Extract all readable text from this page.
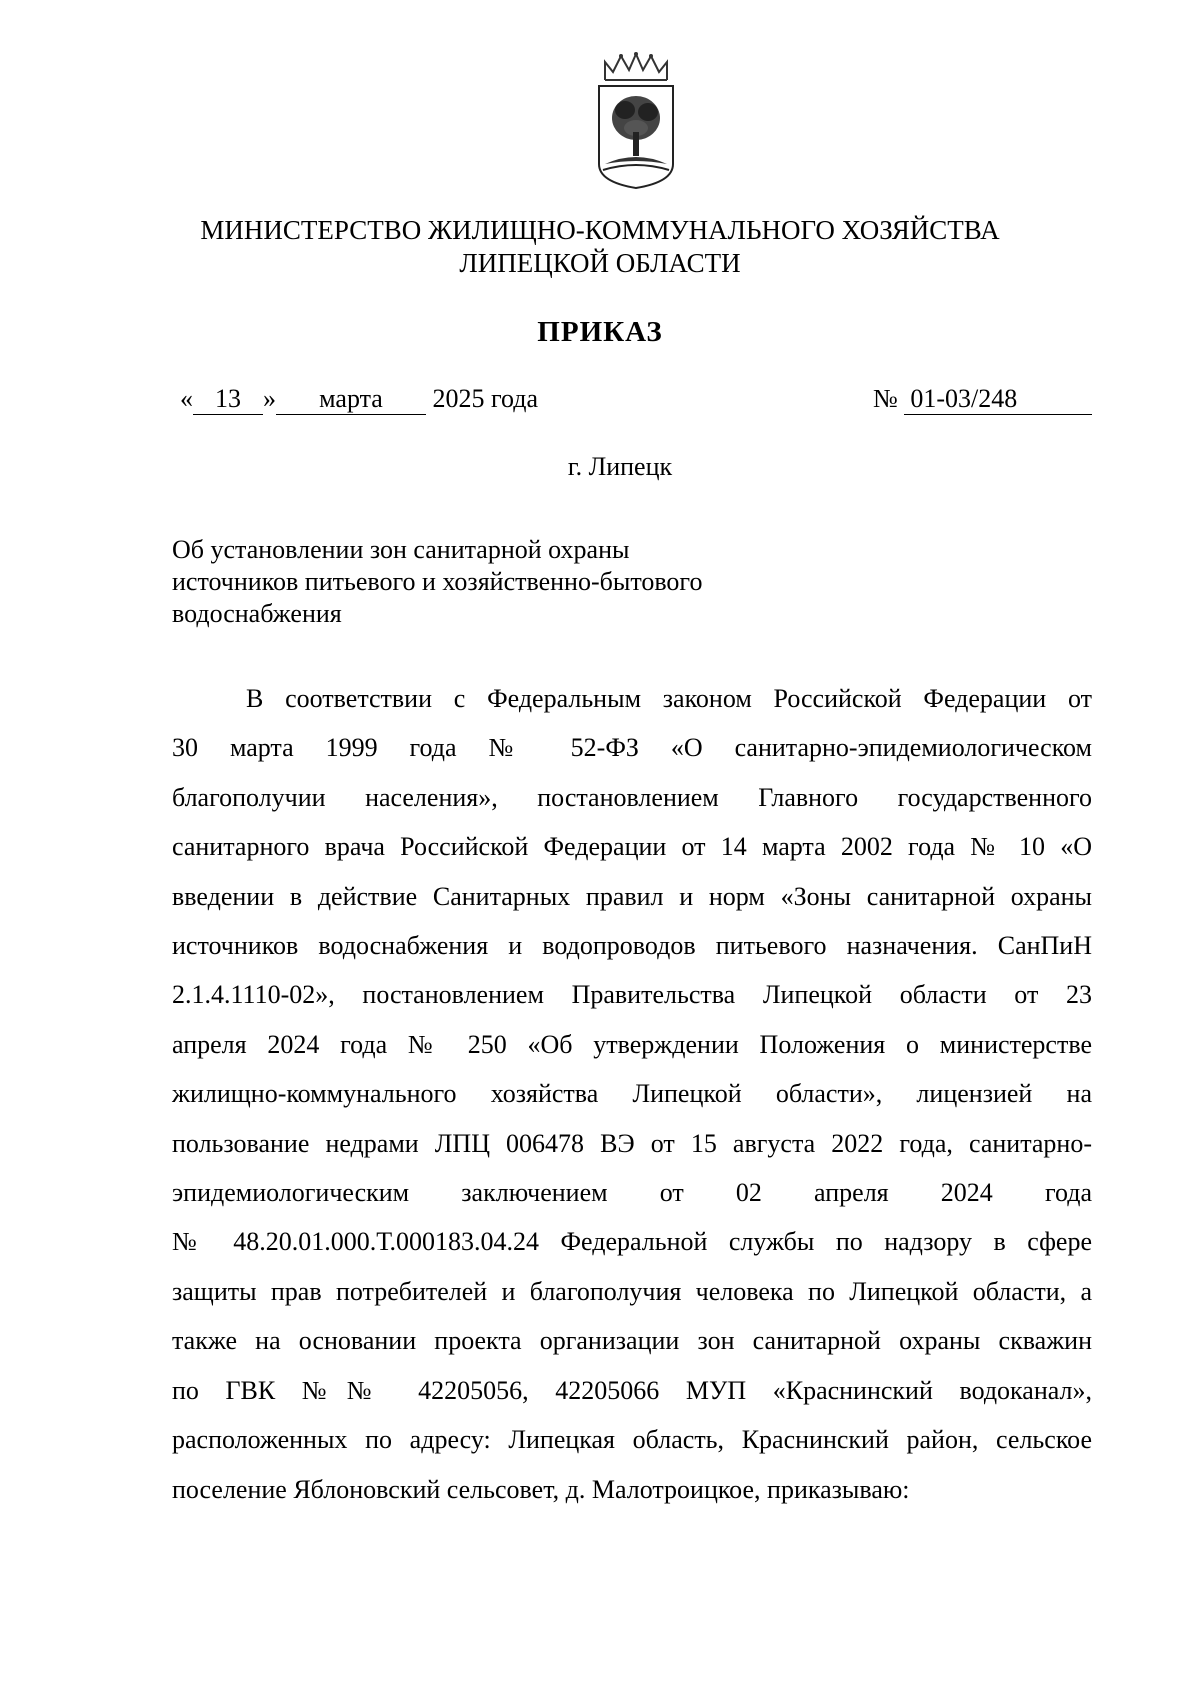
МИНИСТЕРСТВО ЖИЛИЩНО-КОММУНАЛЬНОГО ХОЗЯЙСТВА
ЛИПЕЦКОЙ ОБЛАСТИ
ПРИКАЗ
« 13 » марта 2025 года	№ 01-03/248
г. Липецк
Об установлении зон санитарной охраны
источников питьевого и хозяйственно-бытового
водоснабжения
В соответствии с Федеральным законом Российской Федерации от
30 марта 1999 года № 52-ФЗ «О санитарно-эпидемиологическом
благополучии населения», постановлением Главного государственного
санитарного врача Российской Федерации от 14 марта 2002 года № 10 «О
введении в действие Санитарных правил и норм «Зоны санитарной охраны
источников водоснабжения и водопроводов питьевого назначения. СанПиН
2.1.4.1110-02», постановлением Правительства Липецкой области от 23
апреля 2024 года № 250 «Об утверждении Положения о министерстве
жилищно-коммунального хозяйства Липецкой области», лицензией на
пользование недрами ЛПЦ 006478 ВЭ от 15 августа 2022 года, санитарно-
эпидемиологическим заключением от 02 апреля 2024 года
№ 48.20.01.000.Т.000183.04.24 Федеральной службы по надзору в сфере
защиты прав потребителей и благополучия человека по Липецкой области, а
также на основании проекта организации зон санитарной охраны скважин
по ГВК №№ 42205056, 42205066 МУП «Краснинский водоканал»,
расположенных по адресу: Липецкая область, Краснинский район, сельское
поселение Яблоновский сельсовет, д. Малотроицкое, приказываю:
